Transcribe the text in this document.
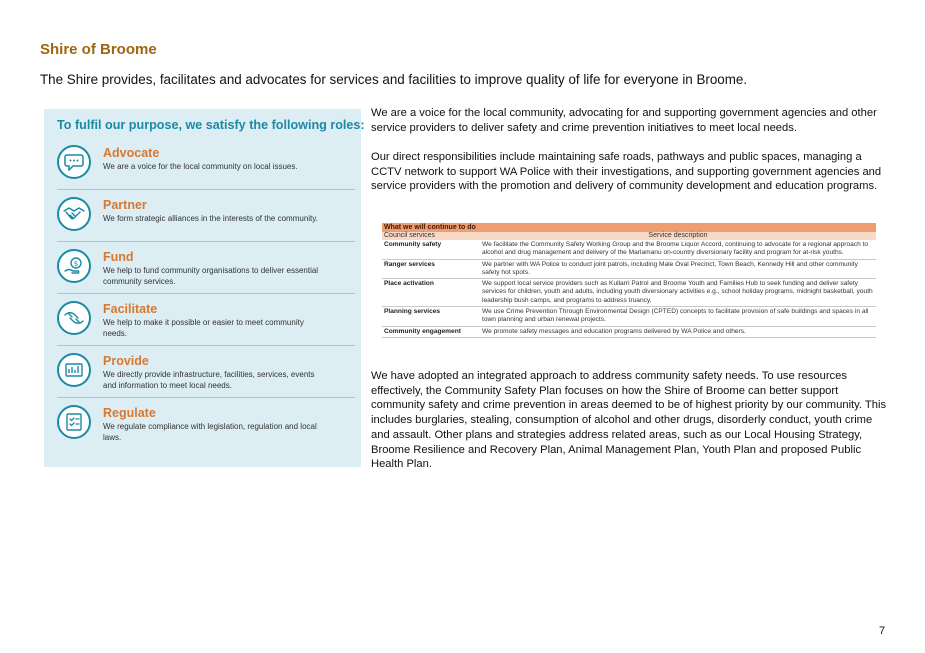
Shire of Broome
The Shire provides, facilitates and advocates for services and facilities to improve quality of life for everyone in Broome.
To fulfil our purpose, we satisfy the following roles:
Advocate
We are a voice for the local community on local issues.
Partner
We form strategic alliances in the interests of the community.
$ Fund
We help to fund community organisations to deliver essential community services.
Facilitate
We help to make it possible or easier to meet community needs.
Provide
We directly provide infrastructure, facilities, services, events and information to meet local needs.
Regulate
We regulate compliance with legislation, regulation and local laws.
We are a voice for the local community, advocating for and supporting government agencies and other service providers to deliver safety and crime prevention initiatives to meet local needs.
Our direct responsibilities include maintaining safe roads, pathways and public spaces, managing a CCTV network to support WA Police with their investigations, and supporting government agencies and service providers with the promotion and delivery of community development and education programs.
What we will continue to do	
Council services	Service description
Community safety	We facilitate the Community Safety Working Group and the Broome Liquor Accord, continuing to advocate for a regional approach to alcohol and drug management and delivery of the Marlamanu on-country diversionary facility and program for at-risk youths.
Ranger services	We partner with WA Police to conduct joint patrols, including Male Oval Precinct, Town Beach, Kennedy Hill and other community safety hot spots.
Place activation	We support local service providers such as Kullarri Patrol and Broome Youth and Families Hub to seek funding and deliver safety services for children, youth and adults, including youth diversionary activities e.g., school holiday programs, midnight basketball, youth leadership bush camps, and programs to address truancy.
Planning services	We use Crime Prevention Through Environmental Design (CPTED) concepts to facilitate provision of safe buildings and spaces in all town planning and urban renewal projects.
Community engagement	We promote safety messages and education programs delivered by WA Police and others.
We have adopted an integrated approach to address community safety needs. To use resources effectively, the Community Safety Plan focuses on how the Shire of Broome can better support community safety and crime prevention in areas deemed to be of highest priority by our community. This includes burglaries, stealing, consumption of alcohol and other drugs, disorderly conduct, youth crime and assault. Other plans and strategies address related areas, such as our Local Housing Strategy, Broome Resilience and Recovery Plan, Animal Management Plan, Youth Plan and proposed Public Health Plan.
7
